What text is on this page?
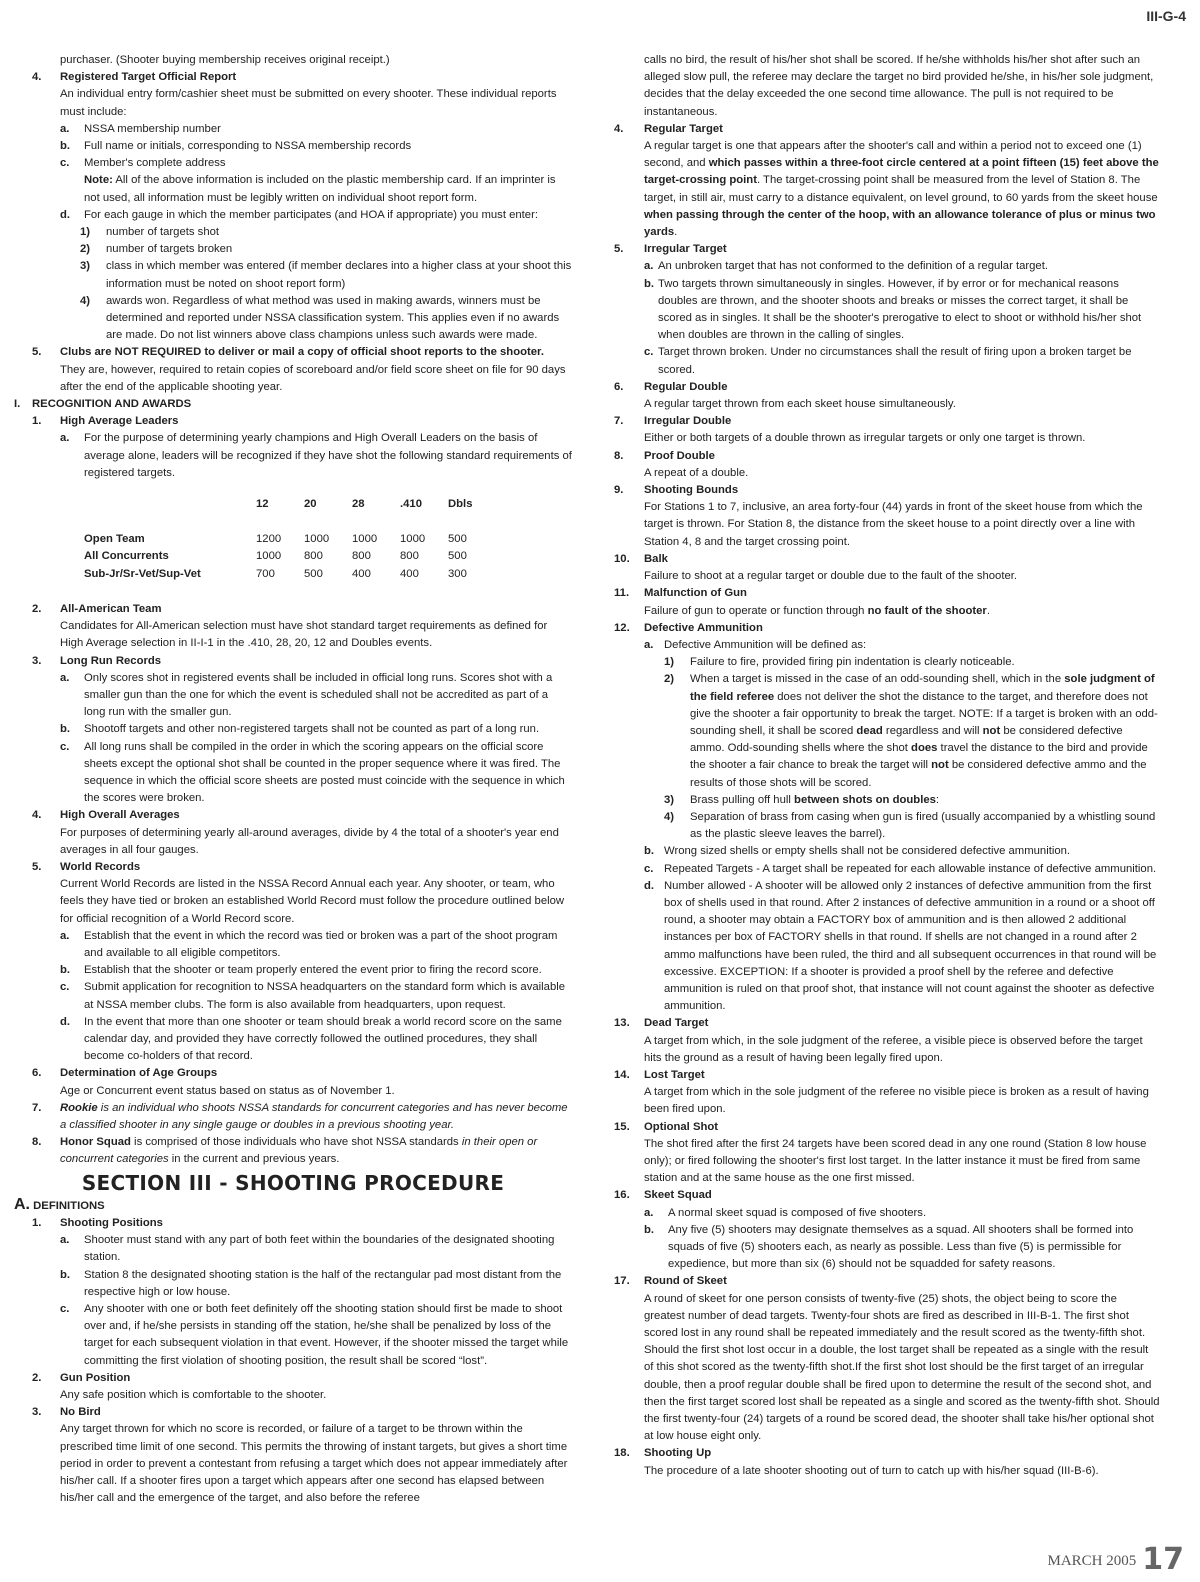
III-G-4
purchaser. (Shooter buying membership receives original receipt.)
4.	Registered Target Official Report
An individual entry form/cashier sheet must be submitted on every shooter. These individual reports must include:
a.	NSSA membership number
b.	Full name or initials, corresponding to NSSA membership records
c.	Member's complete address
Note: All of the above information is included on the plastic membership card. If an imprinter is not used, all information must be legibly written on individual shoot report form.
d.	For each gauge in which the member participates (and HOA if appropriate) you must enter:
1)	number of targets shot
2)	number of targets broken
3)	class in which member was entered (if member declares into a higher class at your shoot this information must be noted on shoot report form)
4)	awards won. Regardless of what method was used in making awards, winners must be determined and reported under NSSA classification system. This applies even if no awards are made. Do not list winners above class champions unless such awards were made.
5.	Clubs are NOT REQUIRED to deliver or mail a copy of official shoot reports to the shooter.
They are, however, required to retain copies of scoreboard and/or field score sheet on file for 90 days after the end of the applicable shooting year.
I.	RECOGNITION AND AWARDS
1.	High Average Leaders
a.	For the purpose of determining yearly champions and High Overall Leaders on the basis of average alone, leaders will be recognized if they have shot the following standard requirements of registered targets.
	12	20	28	.410	Dbls
Open Team	1200	1000	1000	1000	500
All Concurrents	1000	800	800	800	500
Sub-Jr/Sr-Vet/Sup-Vet	700	500	400	400	300
2.	All-American Team
Candidates for All-American selection must have shot standard target requirements as defined for High Average selection in II-I-1 in the .410, 28, 20, 12 and Doubles events.
3.	Long Run Records
a.	Only scores shot in registered events shall be included in official long runs. Scores shot with a smaller gun than the one for which the event is scheduled shall not be accredited as part of a long run with the smaller gun.
b.	Shootoff targets and other non-registered targets shall not be counted as part of a long run.
c.	All long runs shall be compiled in the order in which the scoring appears on the official score sheets except the optional shot shall be counted in the proper sequence where it was fired. The sequence in which the official score sheets are posted must coincide with the sequence in which the scores were broken.
4.	High Overall Averages
For purposes of determining yearly all-around averages, divide by 4 the total of a shooter's year end averages in all four gauges.
5.	World Records
Current World Records are listed in the NSSA Record Annual each year. Any shooter, or team, who feels they have tied or broken an established World Record must follow the procedure outlined below for official recognition of a World Record score.
a.	Establish that the event in which the record was tied or broken was a part of the shoot program and available to all eligible competitors.
b.	Establish that the shooter or team properly entered the event prior to firing the record score.
c.	Submit application for recognition to NSSA headquarters on the standard form which is available at NSSA member clubs. The form is also available from headquarters, upon request.
d.	In the event that more than one shooter or team should break a world record score on the same calendar day, and provided they have correctly followed the outlined procedures, they shall become co-holders of that record.
6.	Determination of Age Groups
Age or Concurrent event status based on status as of November 1.
7.	Rookie is an individual who shoots NSSA standards for concurrent categories and has never become a classified shooter in any single gauge or doubles in a previous shooting year.
8.	Honor Squad is comprised of those individuals who have shot NSSA standards in their open or concurrent categories in the current and previous years.
SECTION III - SHOOTING PROCEDURE
A. DEFINITIONS
1.	Shooting Positions
a.	Shooter must stand with any part of both feet within the boundaries of the designated shooting station.
b.	Station 8 the designated shooting station is the half of the rectangular pad most distant from the respective high or low house.
c.	Any shooter with one or both feet definitely off the shooting station should first be made to shoot over and, if he/she persists in standing off the station, he/she shall be penalized by loss of the target for each subsequent violation in that event. However, if the shooter missed the target while committing the first violation of shooting position, the result shall be scored “lost”.
2.	Gun Position
Any safe position which is comfortable to the shooter.
3.	No Bird
Any target thrown for which no score is recorded, or failure of a target to be thrown within the prescribed time limit of one second. This permits the throwing of instant targets, but gives a short time period in order to prevent a contestant from refusing a target which does not appear immediately after his/her call. If a shooter fires upon a target which appears after one second has elapsed between his/her call and the emergence of the target, and also before the referee
calls no bird, the result of his/her shot shall be scored. If he/she withholds his/her shot after such an alleged slow pull, the referee may declare the target no bird provided he/she, in his/her sole judgment, decides that the delay exceeded the one second time allowance. The pull is not required to be instantaneous.
4.	Regular Target
A regular target is one that appears after the shooter's call and within a period not to exceed one (1) second, and which passes within a three-foot circle centered at a point fifteen (15) feet above the target-crossing point. The target-crossing point shall be measured from the level of Station 8. The target, in still air, must carry to a distance equivalent, on level ground, to 60 yards from the skeet house when passing through the center of the hoop, with an allowance tolerance of plus or minus two yards.
5.	Irregular Target
a. An unbroken target that has not conformed to the definition of a regular target.
b. Two targets thrown simultaneously in singles. However, if by error or for mechanical reasons doubles are thrown, and the shooter shoots and breaks or misses the correct target, it shall be scored as in singles. It shall be the shooter's prerogative to elect to shoot or withhold his/her shot when doubles are thrown in the calling of singles.
c. Target thrown broken. Under no circumstances shall the result of firing upon a broken target be scored.
6.	Regular Double
A regular target thrown from each skeet house simultaneously.
7.	Irregular Double
Either or both targets of a double thrown as irregular targets or only one target is thrown.
8.	Proof Double
A repeat of a double.
9.	Shooting Bounds
For Stations 1 to 7, inclusive, an area forty-four (44) yards in front of the skeet house from which the target is thrown. For Station 8, the distance from the skeet house to a point directly over a line with Station 4, 8 and the target crossing point.
10.	Balk
Failure to shoot at a regular target or double due to the fault of the shooter.
11.	Malfunction of Gun
Failure of gun to operate or function through no fault of the shooter.
12.	Defective Ammunition
a. Defective Ammunition will be defined as:
1)	Failure to fire, provided firing pin indentation is clearly noticeable.
2)	When a target is missed in the case of an odd-sounding shell, which in the sole judgment of the field referee does not deliver the shot the distance to the target, and therefore does not give the shooter a fair opportunity to break the target. NOTE: If a target is broken with an odd-sounding shell, it shall be scored dead regardless and will not be considered defective ammo. Odd-sounding shells where the shot does travel the distance to the bird and provide the shooter a fair chance to break the target will not be considered defective ammo and the results of those shots will be scored.
3)	Brass pulling off hull between shots on doubles:
4)	Separation of brass from casing when gun is fired (usually accompanied by a whistling sound as the plastic sleeve leaves the barrel).
b. Wrong sized shells or empty shells shall not be considered defective ammunition.
c. Repeated Targets - A target shall be repeated for each allowable instance of defective ammunition.
d. Number allowed - A shooter will be allowed only 2 instances of defective ammunition from the first box of shells used in that round. After 2 instances of defective ammunition in a round or a shoot off round, a shooter may obtain a FACTORY box of ammunition and is then allowed 2 additional instances per box of FACTORY shells in that round. If shells are not changed in a round after 2 ammo malfunctions have been ruled, the third and all subsequent occurrences in that round will be excessive. EXCEPTION: If a shooter is provided a proof shell by the referee and defective ammunition is ruled on that proof shot, that instance will not count against the shooter as defective ammunition.
13.	Dead Target
A target from which, in the sole judgment of the referee, a visible piece is observed before the target hits the ground as a result of having been legally fired upon.
14.	Lost Target
A target from which in the sole judgment of the referee no visible piece is broken as a result of having been fired upon.
15.	Optional Shot
The shot fired after the first 24 targets have been scored dead in any one round (Station 8 low house only); or fired following the shooter's first lost target. In the latter instance it must be fired from same station and at the same house as the one first missed.
16.	Skeet Squad
a.	A normal skeet squad is composed of five shooters.
b.	Any five (5) shooters may designate themselves as a squad. All shooters shall be formed into squads of five (5) shooters each, as nearly as possible. Less than five (5) is permissible for expedience, but more than six (6) should not be squadded for safety reasons.
17.	Round of Skeet
A round of skeet for one person consists of twenty-five (25) shots, the object being to score the greatest number of dead targets. Twenty-four shots are fired as described in III-B-1. The first shot scored lost in any round shall be repeated immediately and the result scored as the twenty-fifth shot. Should the first shot lost occur in a double, the lost target shall be repeated as a single with the result of this shot scored as the twenty-fifth shot.If the first shot lost should be the first target of an irregular double, then a proof regular double shall be fired upon to determine the result of the second shot, and then the first target scored lost shall be repeated as a single and scored as the twenty-fifth shot. Should the first twenty-four (24) targets of a round be scored dead, the shooter shall take his/her optional shot at low house eight only.
18.	Shooting Up
The procedure of a late shooter shooting out of turn to catch up with his/her squad (III-B-6).
MARCH 2005 17
